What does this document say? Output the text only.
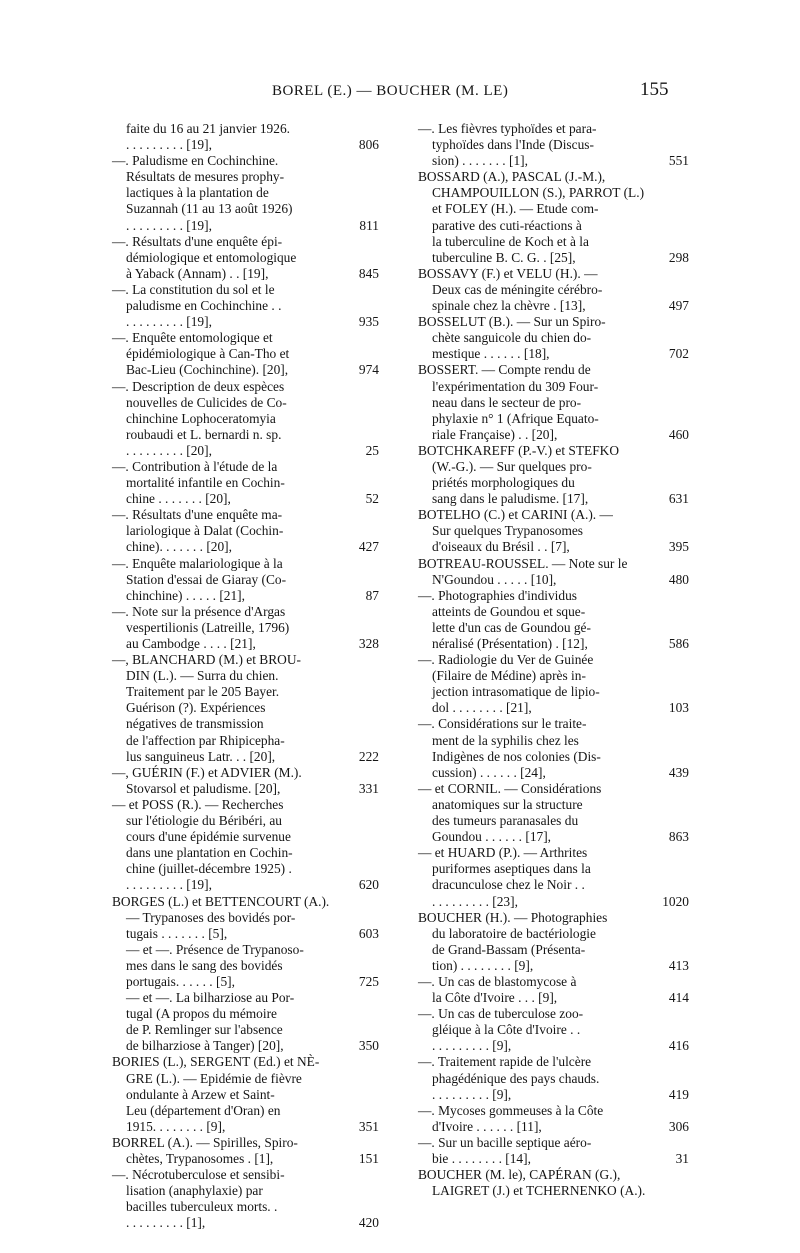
BOREL (E.) — BOUCHER (M. LE)	155
faite du 16 au 21 janvier 1926.
. . . . . . . . . [19],	806
—. Paludisme en Cochinchine.
Résultats de mesures prophy-
lactiques à la plantation de
Suzannah (11 au 13 août 1926)
. . . . . . . . . [19],	811
—. Résultats d'une enquête épi-
démiologique et entomologique
à Yaback (Annam) . . [19],	845
—. La constitution du sol et le
paludisme en Cochinchine . .
. . . . . . . . . [19],	935
—. Enquête entomologique et
épidémiologique à Can-Tho et
Bac-Lieu (Cochinchine). [20],	974
—. Description de deux espèces
nouvelles de Culicides de Co-
chinchine Lophoceratomyia
roubaudi et L. bernardi n. sp.
. . . . . . . . . [20],	25
—. Contribution à l'étude de la
mortalité infantile en Cochin-
chine . . . . . . . [20],	52
—. Résultats d'une enquête ma-
lariologique à Dalat (Cochin-
chine). . . . . . . [20],	427
—. Enquête malariologique à la
Station d'essai de Giaray (Co-
chinchine) . . . . . [21],	87
—. Note sur la présence d'Argas
vespertilionis (Latreille, 1796)
au Cambodge . . . . [21],	328
—, BLANCHARD (M.) et BROU-
DIN (L.). — Surra du chien.
Traitement par le 205 Bayer.
Guérison (?). Expériences
négatives de transmission
de l'affection par Rhipicepha-
lus sanguineus Latr. . . [20],	222
—, GUÉRIN (F.) et ADVIER (M.).
Stovarsol et paludisme. [20],	331
— et POSS (R.). — Recherches
sur l'étiologie du Béribéri, au
cours d'une épidémie survenue
dans une plantation en Cochin-
chine (juillet-décembre 1925) .
. . . . . . . . . [19],	620
BORGES (L.) et BETTENCOURT (A.).
— Trypanoses des bovidés por-
tugais . . . . . . . [5],	603
— et —. Présence de Trypanoso-
mes dans le sang des bovidés
portugais. . . . . . [5],	725
— et —. La bilharziose au Por-
tugal (A propos du mémoire
de P. Remlinger sur l'absence
de bilharziose à Tanger) [20],	350
BORIES (L.), SERGENT (Ed.) et NÈ-
GRE (L.). — Epidémie de fièvre
ondulante à Arzew et Saint-
Leu (département d'Oran) en
1915. . . . . . . . [9],	351
BORREL (A.). — Spirilles, Spiro-
chètes, Trypanosomes . [1],	151
—. Nécrotuberculose et sensibi-
lisation (anaphylaxie) par
bacilles tuberculeux morts. .
. . . . . . . . . [1],	420
—. Les fièvres typhoïdes et para-
typhoïdes dans l'Inde (Discus-
sion) . . . . . . . [1],	551
BOSSARD (A.), PASCAL (J.-M.),
CHAMPOUILLON (S.), PARROT (L.)
et FOLEY (H.). — Etude com-
parative des cuti-réactions à
la tuberculine de Koch et à la
tuberculine B. C. G. . [25],	298
BOSSAVY (F.) et VELU (H.). —
Deux cas de méningite cérébro-
spinale chez la chèvre . [13],	497
BOSSELUT (B.). — Sur un Spiro-
chète sanguicole du chien do-
mestique . . . . . . [18],	702
BOSSERT. — Compte rendu de
l'expérimentation du 309 Four-
neau dans le secteur de pro-
phylaxie n° 1 (Afrique Equato-
riale Française) . . [20],	460
BOTCHKAREFF (P.-V.) et STEFKO
(W.-G.). — Sur quelques pro-
priétés morphologiques du
sang dans le paludisme. [17],	631
BOTELHO (C.) et CARINI (A.). —
Sur quelques Trypanosomes
d'oiseaux du Brésil . . [7],	395
BOTREAU-ROUSSEL. — Note sur le
N'Goundou . . . . . [10],	480
—. Photographies d'individus
atteints de Goundou et sque-
lette d'un cas de Goundou gé-
néralisé (Présentation) . [12],	586
—. Radiologie du Ver de Guinée
(Filaire de Médine) après in-
jection intrasomatique de lipio-
dol . . . . . . . . [21],	103
—. Considérations sur le traite-
ment de la syphilis chez les
Indigènes de nos colonies (Dis-
cussion) . . . . . . [24],	439
— et CORNIL. — Considérations
anatomiques sur la structure
des tumeurs paranasales du
Goundou . . . . . . [17],	863
— et HUARD (P.). — Arthrites
puriformes aseptiques dans la
dracunculose chez le Noir . .
. . . . . . . . . [23],	1020
BOUCHER (H.). — Photographies
du laboratoire de bactériologie
de Grand-Bassam (Présenta-
tion) . . . . . . . . [9],	413
—. Un cas de blastomycose à
la Côte d'Ivoire . . . [9],	414
—. Un cas de tuberculose zoo-
gléique à la Côte d'Ivoire . .
. . . . . . . . . [9],	416
—. Traitement rapide de l'ulcère
phagédénique des pays chauds.
. . . . . . . . . [9],	419
—. Mycoses gommeuses à la Côte
d'Ivoire . . . . . . [11],	306
—. Sur un bacille septique aéro-
bie . . . . . . . . [14],	31
BOUCHER (M. le), CAPÉRAN (G.),
LAIGRET (J.) et TCHERNENKO (A.).
